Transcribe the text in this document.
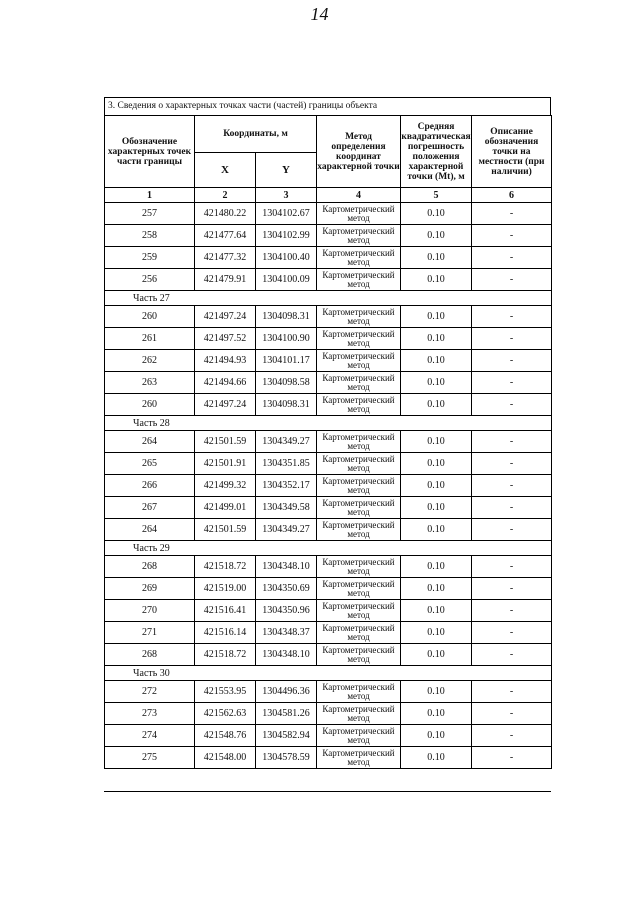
14
3. Сведения о характерных точках части (частей) границы объекта
Обозначение характерных точек части границы	Координаты, м		Метод определения координат характерной точки	Средняя квадратическая погрешность положения характерной точки (Mt), м	Описание обозначения точки на местности (при наличии)
	X	Y			
1	2	3	4	5	6
257	421480.22	1304102.67	Картометрический метод	0.10	-
258	421477.64	1304102.99	Картометрический метод	0.10	-
259	421477.32	1304100.40	Картометрический метод	0.10	-
256	421479.91	1304100.09	Картометрический метод	0.10	-
Часть 27					
260	421497.24	1304098.31	Картометрический метод	0.10	-
261	421497.52	1304100.90	Картометрический метод	0.10	-
262	421494.93	1304101.17	Картометрический метод	0.10	-
263	421494.66	1304098.58	Картометрический метод	0.10	-
260	421497.24	1304098.31	Картометрический метод	0.10	-
Часть 28					
264	421501.59	1304349.27	Картометрический метод	0.10	-
265	421501.91	1304351.85	Картометрический метод	0.10	-
266	421499.32	1304352.17	Картометрический метод	0.10	-
267	421499.01	1304349.58	Картометрический метод	0.10	-
264	421501.59	1304349.27	Картометрический метод	0.10	-
Часть 29					
268	421518.72	1304348.10	Картометрический метод	0.10	-
269	421519.00	1304350.69	Картометрический метод	0.10	-
270	421516.41	1304350.96	Картометрический метод	0.10	-
271	421516.14	1304348.37	Картометрический метод	0.10	-
268	421518.72	1304348.10	Картометрический метод	0.10	-
Часть 30					
272	421553.95	1304496.36	Картометрический метод	0.10	-
273	421562.63	1304581.26	Картометрический метод	0.10	-
274	421548.76	1304582.94	Картометрический метод	0.10	-
275	421548.00	1304578.59	Картометрический метод	0.10	-
